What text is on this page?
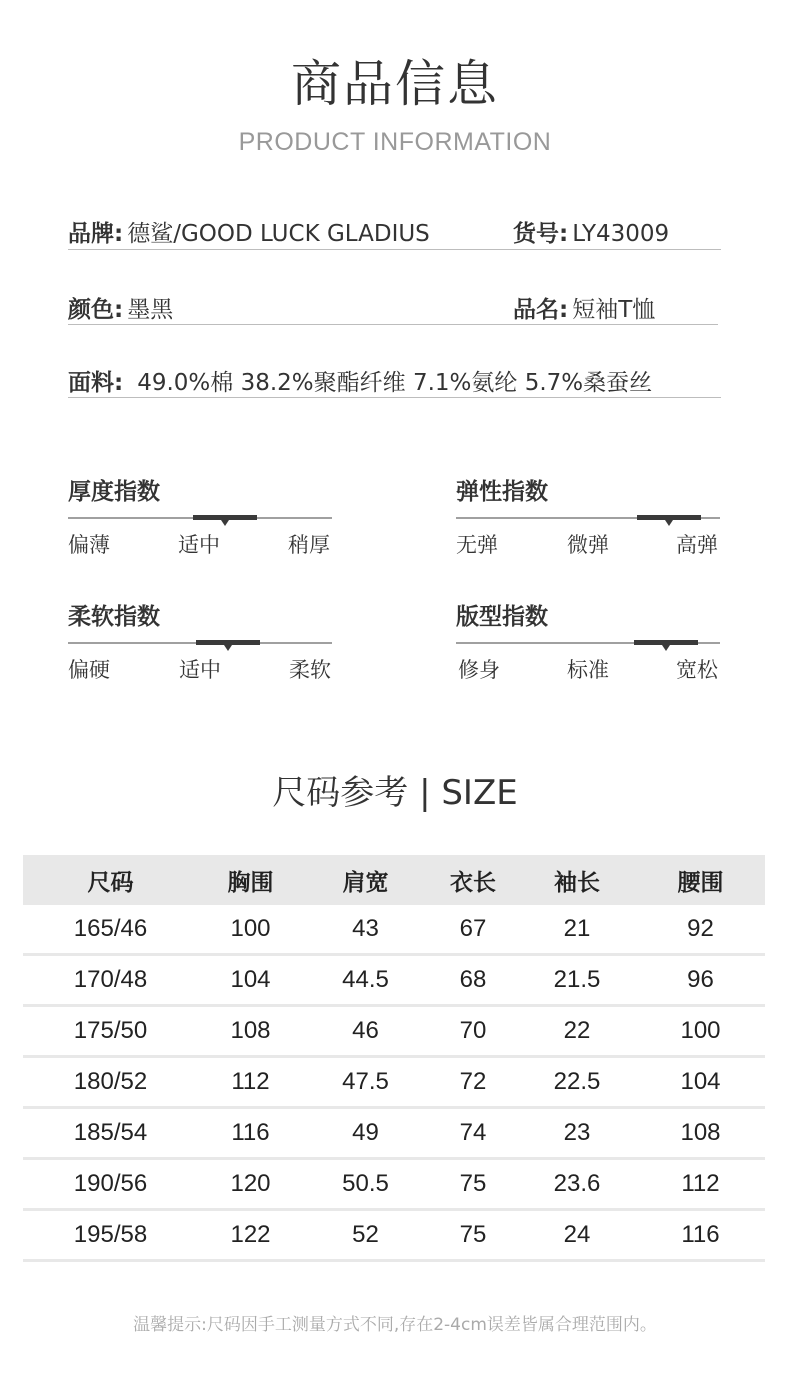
商品信息
PRODUCT INFORMATION
品牌: 德鲨/GOOD LUCK GLADIUS	货号: LY43009
颜色: 墨黑	品名: 短袖T恤
面料: 49.0%棉 38.2%聚酯纤维 7.1%氨纶 5.7%桑蚕丝
厚度指数
偏薄	适中	稍厚
弹性指数
无弹	微弹	高弹
柔软指数
偏硬	适中	柔软
版型指数
修身	标准	宽松
尺码参考 | SIZE
尺码	胸围	肩宽	衣长	袖长	腰围
165/46	100	43	67	21	92
170/48	104	44.5	68	21.5	96
175/50	108	46	70	22	100
180/52	112	47.5	72	22.5	104
185/54	116	49	74	23	108
190/56	120	50.5	75	23.6	112
195/58	122	52	75	24	116
温馨提示:尺码因手工测量方式不同,存在2-4cm误差皆属合理范围内。
